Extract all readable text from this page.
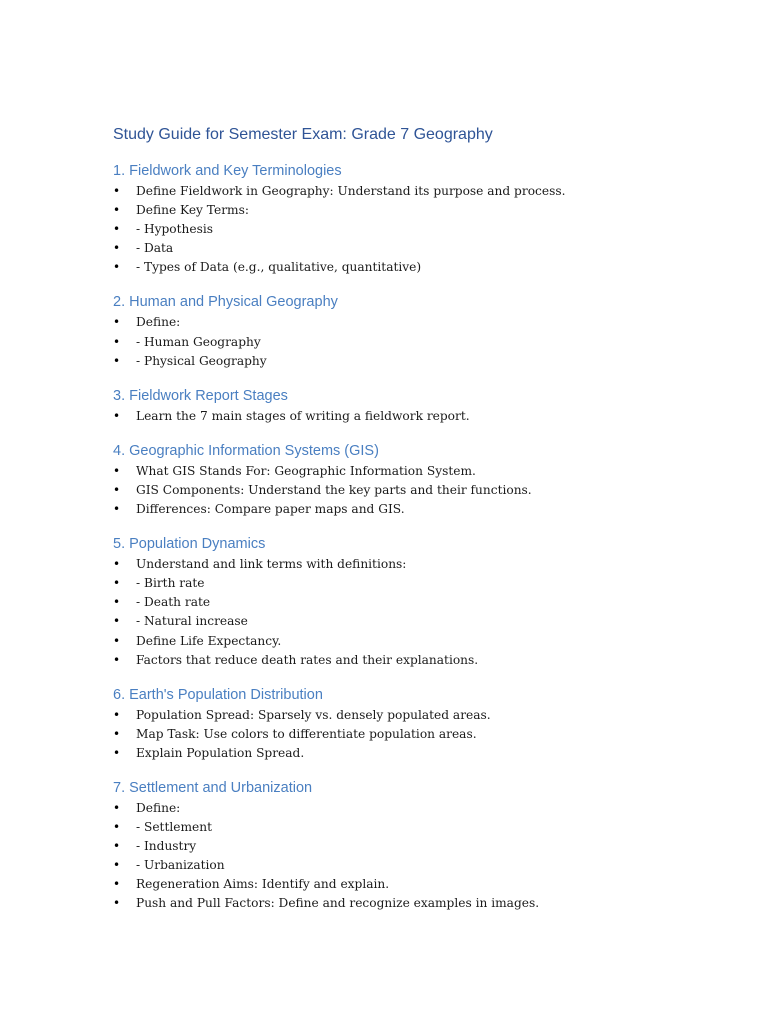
Study Guide for Semester Exam: Grade 7 Geography
1. Fieldwork and Key Terminologies
• Define Fieldwork in Geography: Understand its purpose and process.
• Define Key Terms:
• - Hypothesis
• - Data
• - Types of Data (e.g., qualitative, quantitative)
2. Human and Physical Geography
• Define:
• - Human Geography
• - Physical Geography
3. Fieldwork Report Stages
• Learn the 7 main stages of writing a fieldwork report.
4. Geographic Information Systems (GIS)
• What GIS Stands For: Geographic Information System.
• GIS Components: Understand the key parts and their functions.
• Differences: Compare paper maps and GIS.
5. Population Dynamics
• Understand and link terms with definitions:
• - Birth rate
• - Death rate
• - Natural increase
• Define Life Expectancy.
• Factors that reduce death rates and their explanations.
6. Earth's Population Distribution
• Population Spread: Sparsely vs. densely populated areas.
• Map Task: Use colors to differentiate population areas.
• Explain Population Spread.
7. Settlement and Urbanization
• Define:
• - Settlement
• - Industry
• - Urbanization
• Regeneration Aims: Identify and explain.
• Push and Pull Factors: Define and recognize examples in images.
